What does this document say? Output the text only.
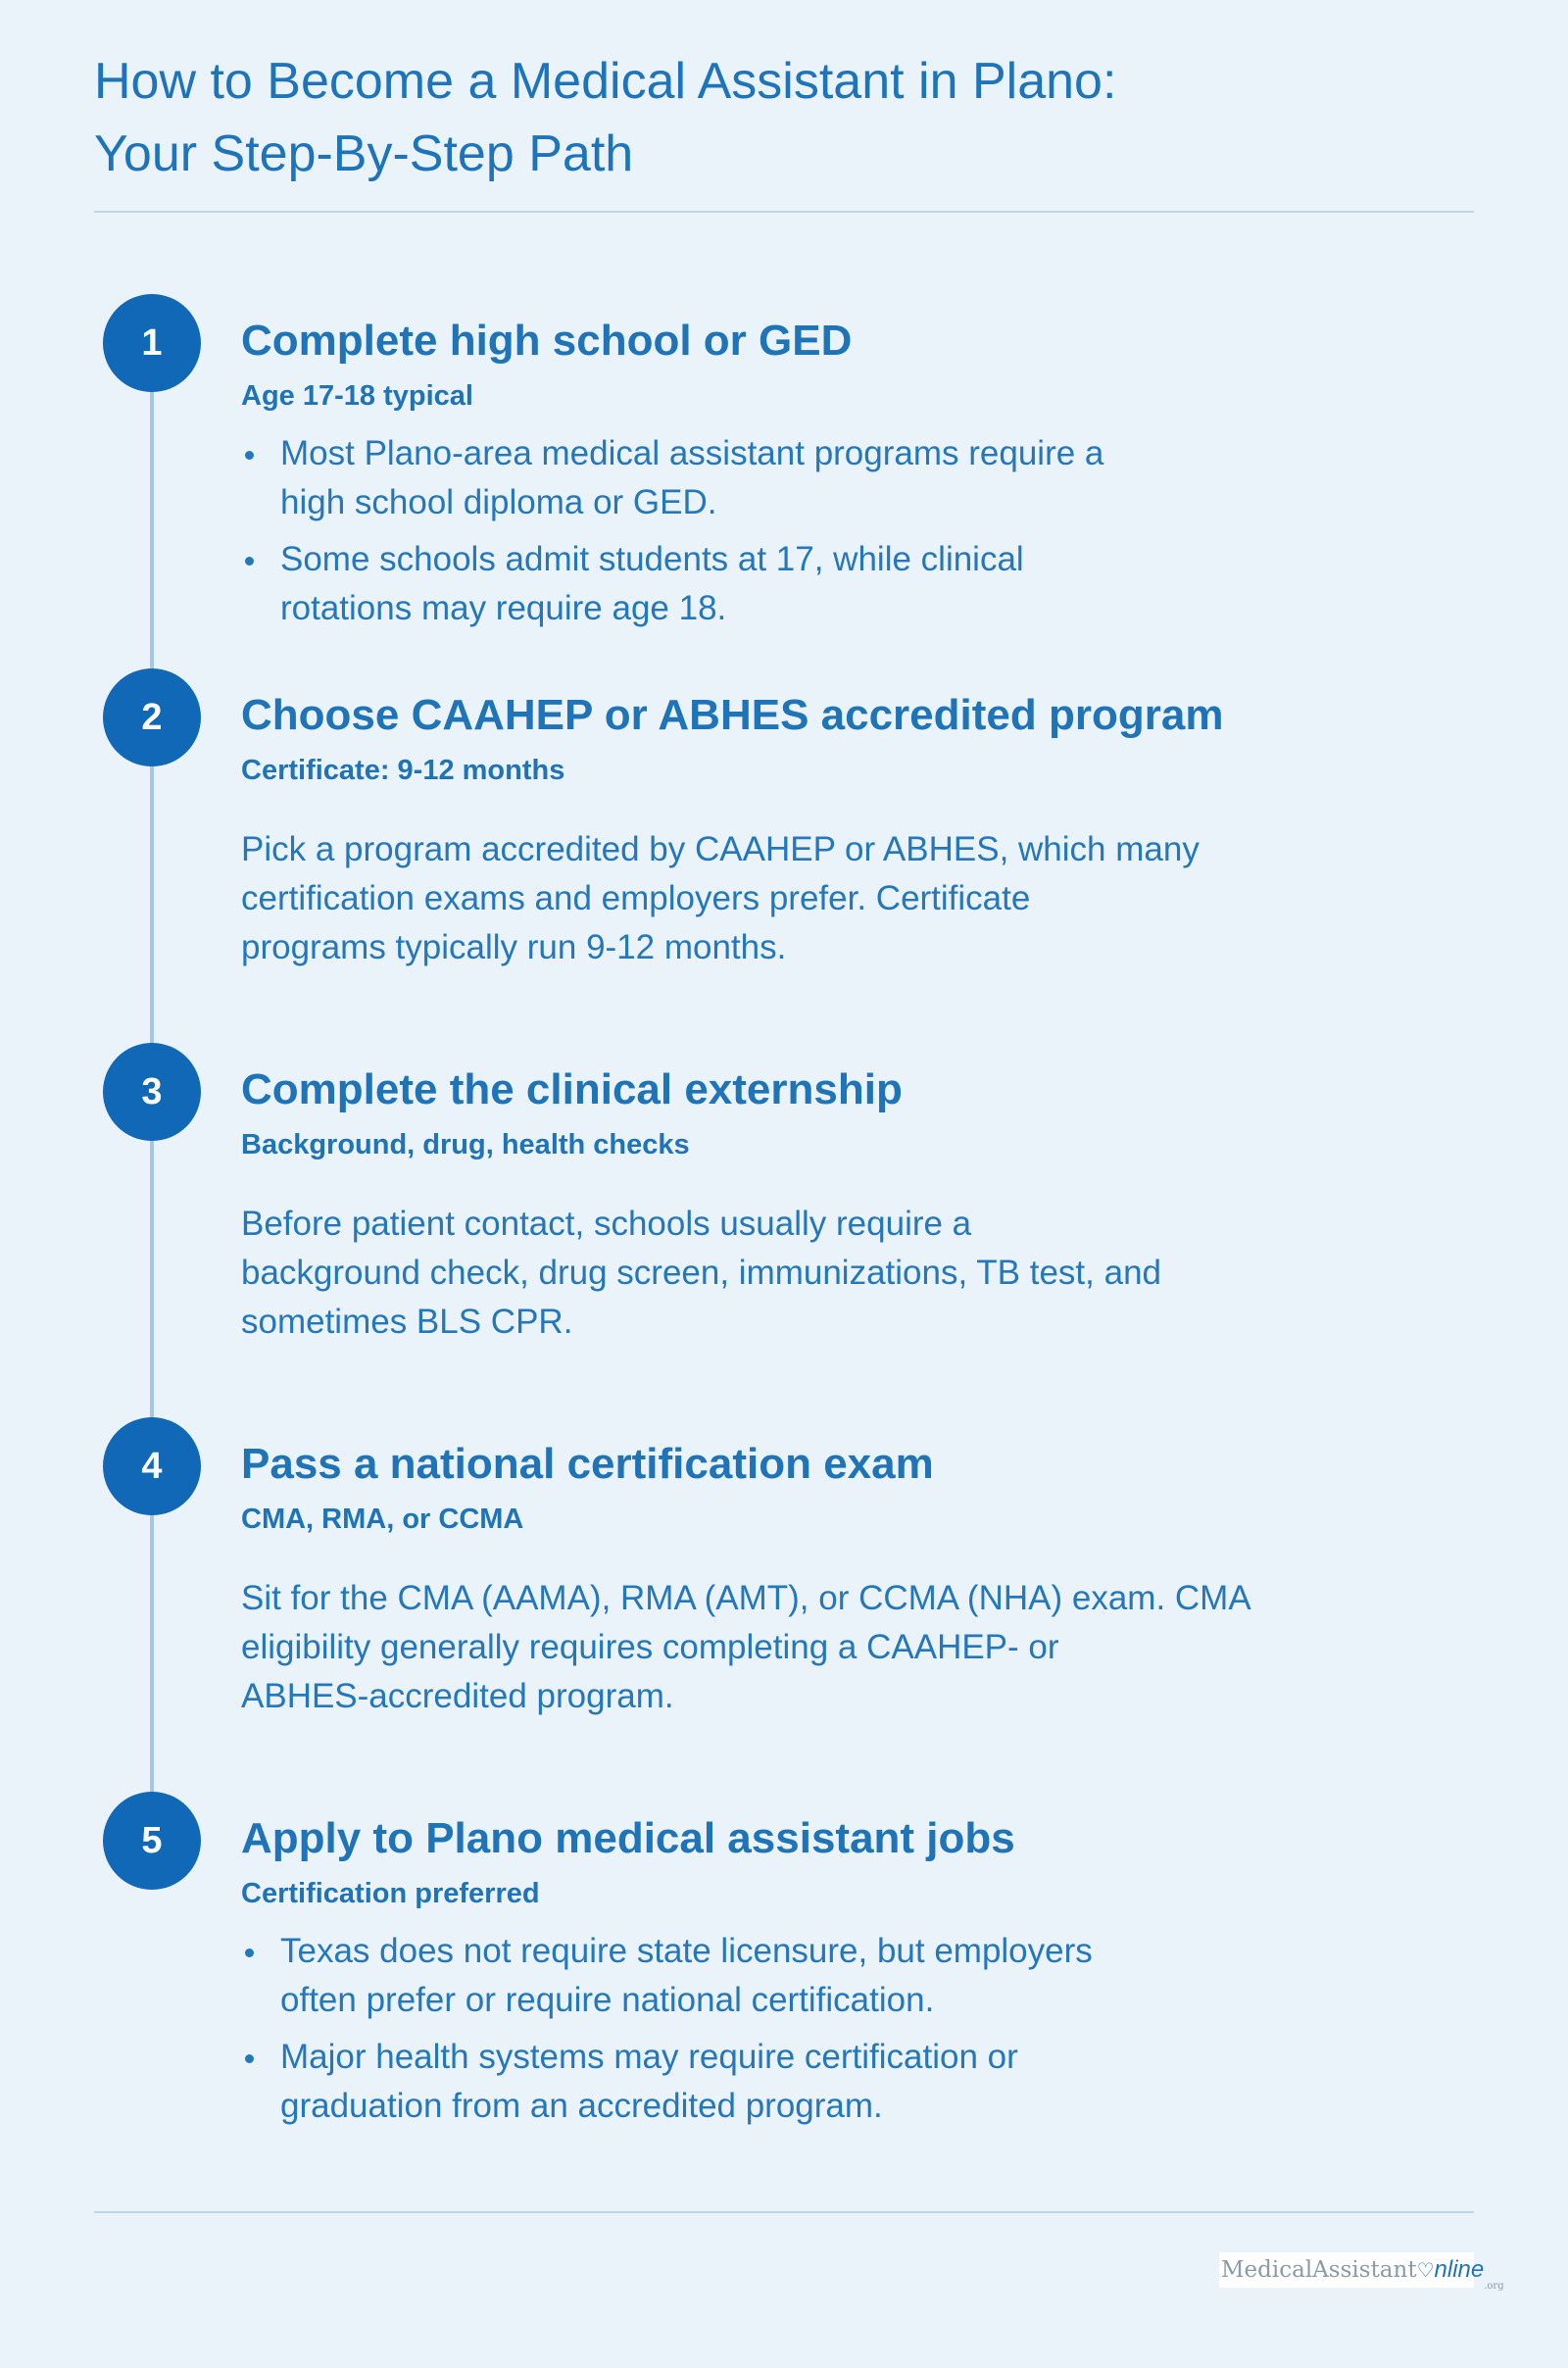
How to Become a Medical Assistant in Plano:
Your Step-By-Step Path
1	Complete high school or GED
Age 17-18 typical
Most Plano-area medical assistant programs require a
high school diploma or GED.
Some schools admit students at 17, while clinical
rotations may require age 18.
2	Choose CAAHEP or ABHES accredited program
Certificate: 9-12 months

Pick a program accredited by CAAHEP or ABHES, which many
certification exams and employers prefer. Certificate
programs typically run 9-12 months.

3	Complete the clinical externship
Background, drug, health checks

Before patient contact, schools usually require a
background check, drug screen, immunizations, TB test, and
sometimes BLS CPR.

4	Pass a national certification exam
CMA, RMA, or CCMA

Sit for the CMA (AAMA), RMA (AMT), or CCMA (NHA) exam. CMA
eligibility generally requires completing a CAAHEP- or
ABHES-accredited program.

5	Apply to Plano medical assistant jobs
Certification preferred
Texas does not require state licensure, but employers
often prefer or require national certification.
Major health systems may require certification or
graduation from an accredited program.
MedicalAssistant♡nline$_{.org}$
